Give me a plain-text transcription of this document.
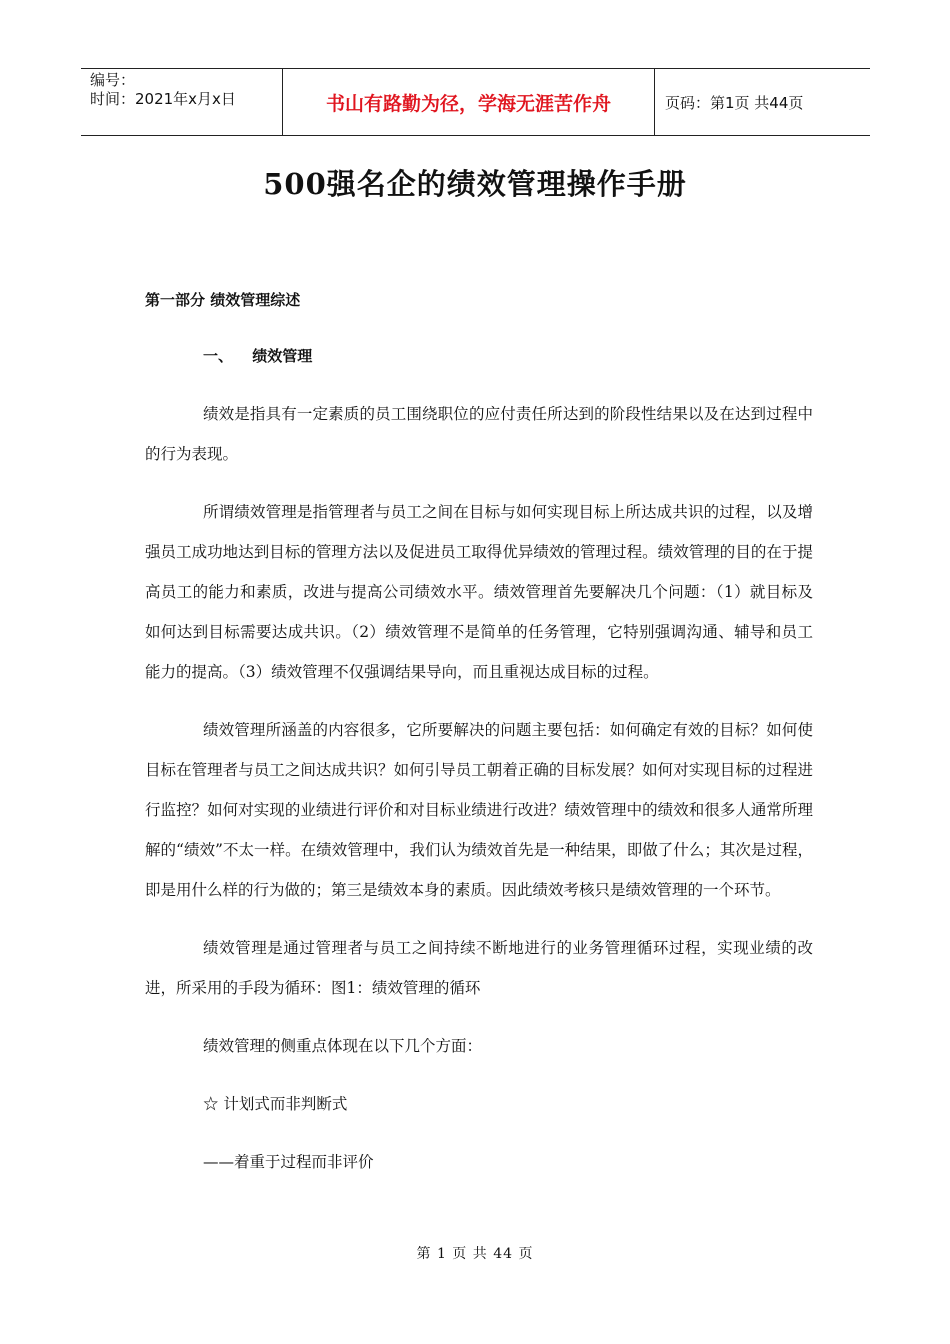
编号：
时间：2021年x月x日	书山有路勤为径，学海无涯苦作舟	页码：第1页 共44页
500强名企的绩效管理操作手册
第一部分 绩效管理综述
一、 绩效管理

绩效是指具有一定素质的员工围绕职位的应付责任所达到的阶段性结果以及在达到过程中的行为表现。

所谓绩效管理是指管理者与员工之间在目标与如何实现目标上所达成共识的过程，以及增强员工成功地达到目标的管理方法以及促进员工取得优异绩效的管理过程。绩效管理的目的在于提高员工的能力和素质，改进与提高公司绩效水平。绩效管理首先要解决几个问题：（1）就目标及如何达到目标需要达成共识。（2）绩效管理不是简单的任务管理，它特别强调沟通、辅导和员工能力的提高。（3）绩效管理不仅强调结果导向，而且重视达成目标的过程。

绩效管理所涵盖的内容很多，它所要解决的问题主要包括：如何确定有效的目标？如何使目标在管理者与员工之间达成共识？如何引导员工朝着正确的目标发展？如何对实现目标的过程进行监控？如何对实现的业绩进行评价和对目标业绩进行改进？绩效管理中的绩效和很多人通常所理解的“绩效”不太一样。在绩效管理中，我们认为绩效首先是一种结果，即做了什么；其次是过程，即是用什么样的行为做的；第三是绩效本身的素质。因此绩效考核只是绩效管理的一个环节。

绩效管理是通过管理者与员工之间持续不断地进行的业务管理循环过程，实现业绩的改进，所采用的手段为循环：图1：绩效管理的循环

绩效管理的侧重点体现在以下几个方面：

☆ 计划式而非判断式

——着重于过程而非评价

第 1 页 共 44 页
